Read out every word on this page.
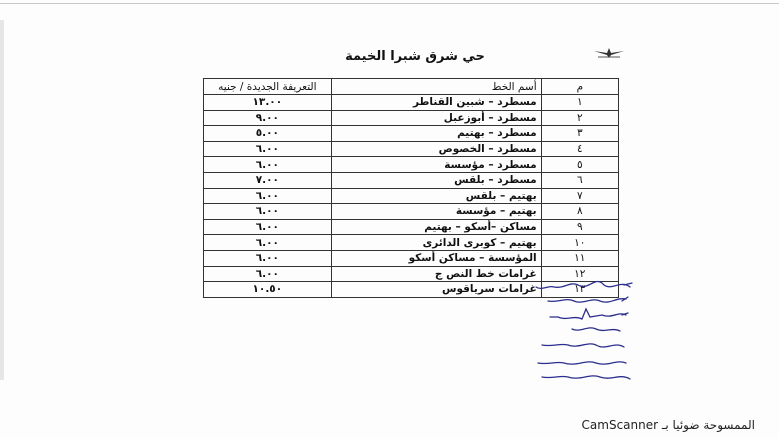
حي شرق شبرا الخيمة
م	أسم الخط	التعريفة الجديدة / جنيه
١	مسطرد – شبين القناطر	١٣.٠٠
٢	مسطرد – أبوزعبل	٩.٠٠
٣	مسطرد – بهتيم	٥.٠٠
٤	مسطرد – الخصوص	٦.٠٠
٥	مسطرد – مؤسسة	٦.٠٠
٦	مسطرد – بلقس	٧.٠٠
٧	بهتيم – بلقس	٦.٠٠
٨	بهتيم – مؤسسة	٦.٠٠
٩	مساكن –أسكو – بهتيم	٦.٠٠
١٠	بهتيم – كوبرى الدائرى	٦.٠٠
١١	المؤسسة – مساكن أسكو	٦.٠٠
١٢	غرامات خط النص ج	٦.٠٠
١٣	غرامات سرياقوس	١٠.٥٠
الممسوحة ضوئيا بـ CamScanner
